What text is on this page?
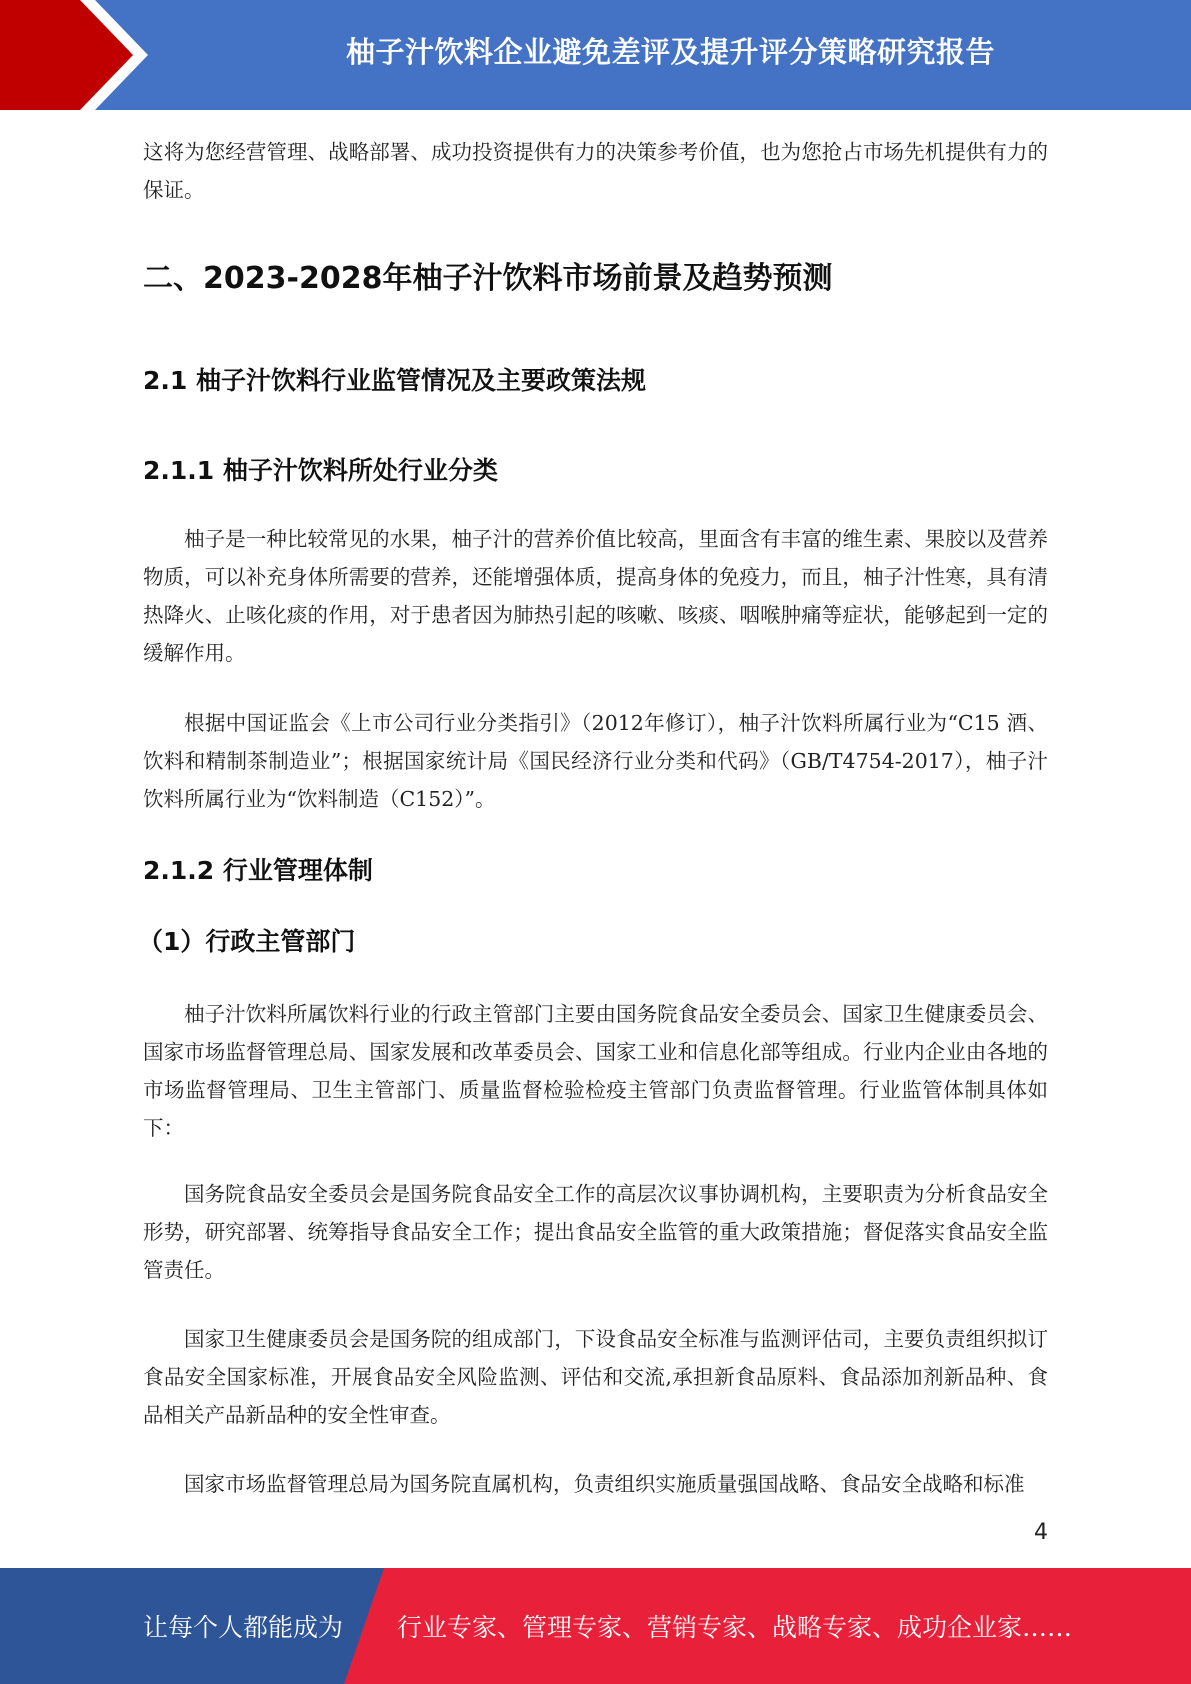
柚子汁饮料企业避免差评及提升评分策略研究报告

这将为您经营管理、战略部署、成功投资提供有力的决策参考价值，也为您抢占市场先机提供有力的保证。

二、2023-2028年柚子汁饮料市场前景及趋势预测
2.1 柚子汁饮料行业监管情况及主要政策法规
2.1.1 柚子汁饮料所处行业分类

柚子是一种比较常见的水果，柚子汁的营养价值比较高，里面含有丰富的维生素、果胶以及营养物质，可以补充身体所需要的营养，还能增强体质，提高身体的免疫力，而且，柚子汁性寒，具有清热降火、止咳化痰的作用，对于患者因为肺热引起的咳嗽、咳痰、咽喉肿痛等症状，能够起到一定的缓解作用。

根据中国证监会《上市公司行业分类指引》（2012年修订），柚子汁饮料所属行业为“C15 酒、饮料和精制茶制造业”；根据国家统计局《国民经济行业分类和代码》（GB/T4754-2017），柚子汁饮料所属行业为“饮料制造（C152）”。

2.1.2 行业管理体制
（1）行政主管部门

柚子汁饮料所属饮料行业的行政主管部门主要由国务院食品安全委员会、国家卫生健康委员会、国家市场监督管理总局、国家发展和改革委员会、国家工业和信息化部等组成。行业内企业由各地的市场监督管理局、卫生主管部门、质量监督检验检疫主管部门负责监督管理。行业监管体制具体如下：

国务院食品安全委员会是国务院食品安全工作的高层次议事协调机构，主要职责为分析食品安全形势，研究部署、统筹指导食品安全工作；提出食品安全监管的重大政策措施；督促落实食品安全监管责任。

国家卫生健康委员会是国务院的组成部门，下设食品安全标准与监测评估司，主要负责组织拟订食品安全国家标准，开展食品安全风险监测、评估和交流,承担新食品原料、食品添加剂新品种、食品相关产品新品种的安全性审查。

国家市场监督管理总局为国务院直属机构，负责组织实施质量强国战略、食品安全战略和标准

4
让每个人都能成为 行业专家、管理专家、营销专家、战略专家、成功企业家……
